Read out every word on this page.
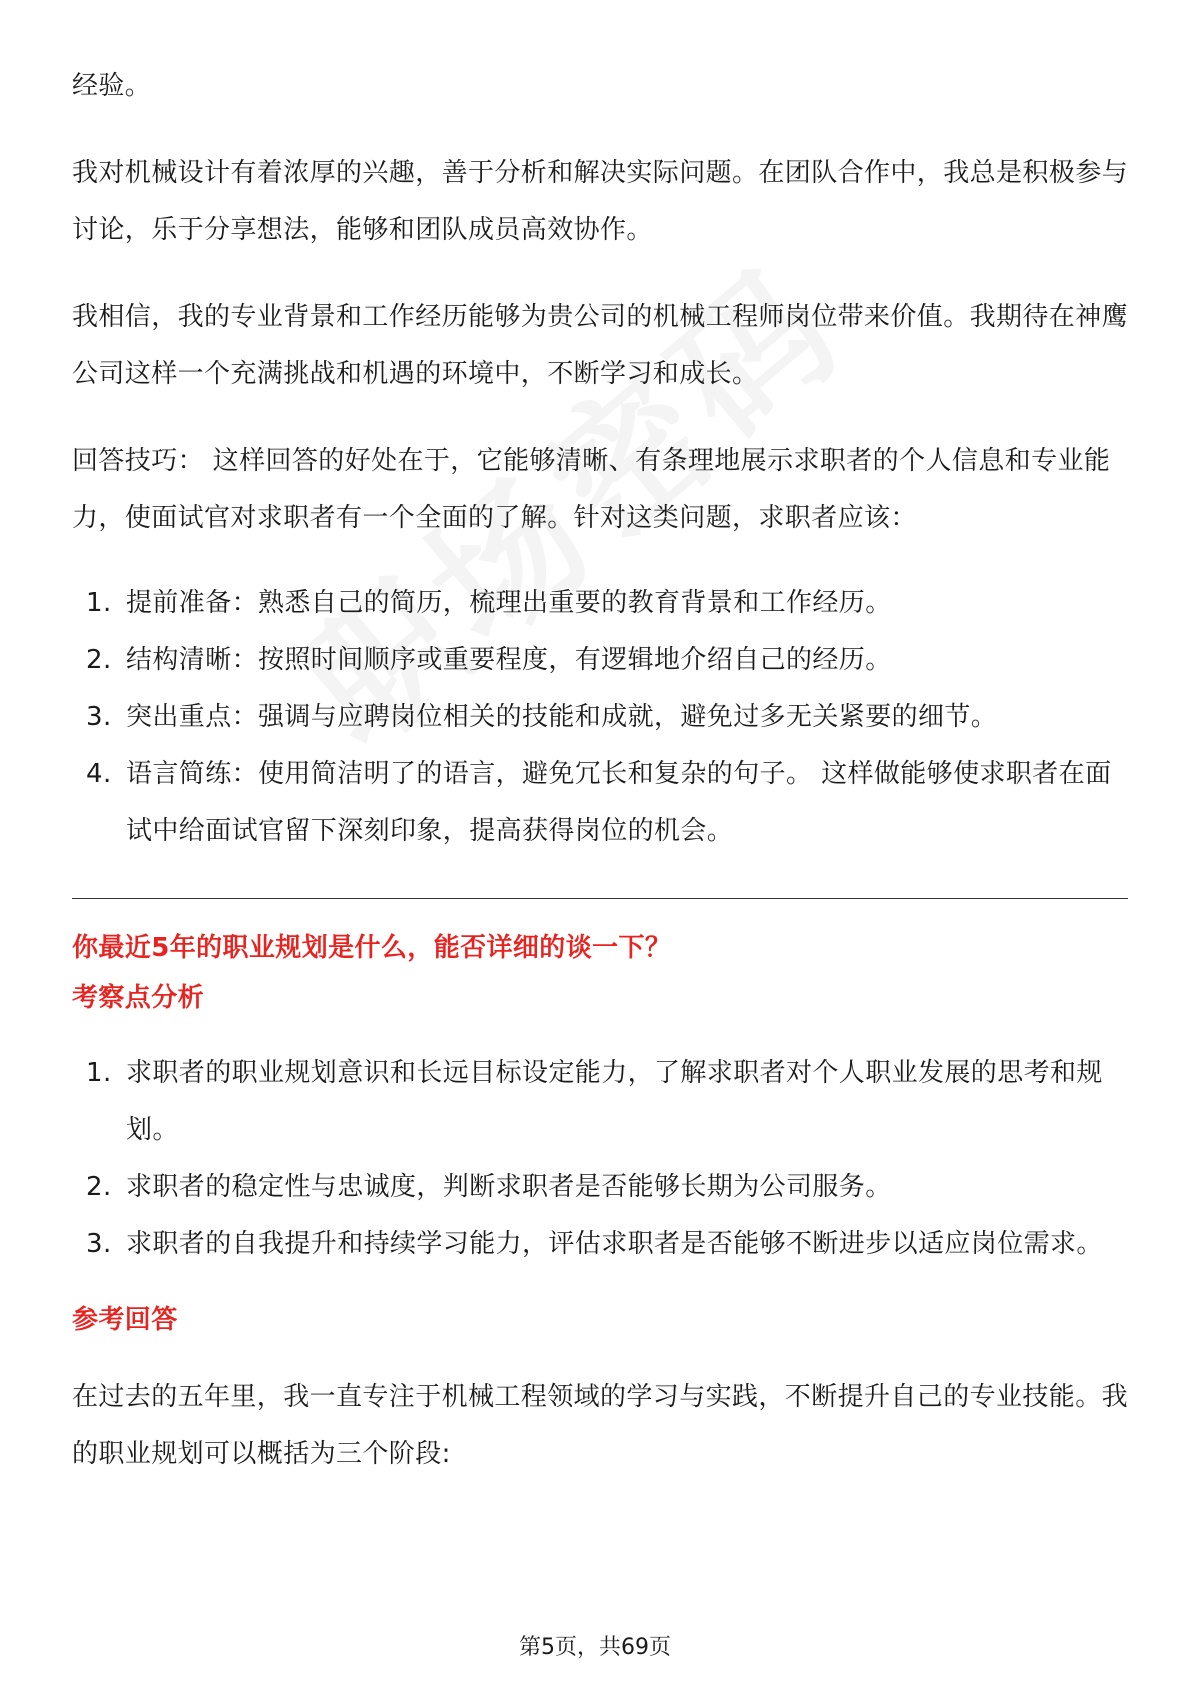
经验。

我对机械设计有着浓厚的兴趣，善于分析和解决实际问题。在团队合作中，我总是积极参与讨论，乐于分享想法，能够和团队成员高效协作。

我相信，我的专业背景和工作经历能够为贵公司的机械工程师岗位带来价值。我期待在神鹰公司这样一个充满挑战和机遇的环境中，不断学习和成长。

回答技巧： 这样回答的好处在于，它能够清晰、有条理地展示求职者的个人信息和专业能力，使面试官对求职者有一个全面的了解。针对这类问题，求职者应该：

1. 提前准备：熟悉自己的简历，梳理出重要的教育背景和工作经历。
2. 结构清晰：按照时间顺序或重要程度，有逻辑地介绍自己的经历。
3. 突出重点：强调与应聘岗位相关的技能和成就，避免过多无关紧要的细节。
4. 语言简练：使用简洁明了的语言，避免冗长和复杂的句子。 这样做能够使求职者在面试中给面试官留下深刻印象，提高获得岗位的机会。

你最近5年的职业规划是什么，能否详细的谈一下？

考察点分析

1. 求职者的职业规划意识和长远目标设定能力，了解求职者对个人职业发展的思考和规划。
2. 求职者的稳定性与忠诚度，判断求职者是否能够长期为公司服务。
3. 求职者的自我提升和持续学习能力，评估求职者是否能够不断进步以适应岗位需求。

参考回答

在过去的五年里，我一直专注于机械工程领域的学习与实践，不断提升自己的专业技能。我的职业规划可以概括为三个阶段:

第5页，共69页
